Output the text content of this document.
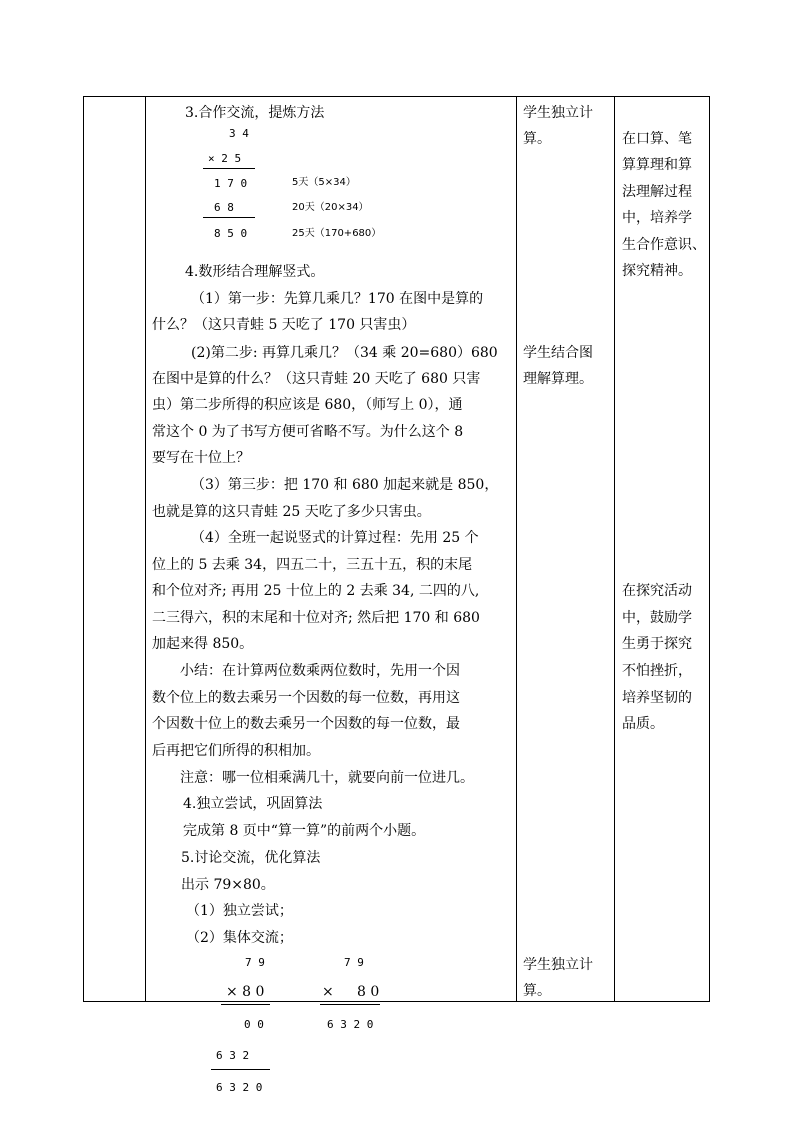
3.合作交流，提炼方法
3 4
× 2 5
1 7 0	5天（5×34）
6 8	20天（20×34）
8 5 0	25天（170+680）
4.数形结合理解竖式。
（1）第一步：先算几乘几？170 在图中是算的
什么？（这只青蛙 5 天吃了 170 只害虫）
(2)第二步: 再算几乘几？（34 乘 20=680）680
在图中是算的什么？（这只青蛙 20 天吃了 680 只害
虫）第二步所得的积应该是 680，（师写上 0），通
常这个 0 为了书写方便可省略不写。为什么这个 8
要写在十位上？
（3）第三步：把 170 和 680 加起来就是 850，
也就是算的这只青蛙 25 天吃了多少只害虫。
（4）全班一起说竖式的计算过程：先用 25 个
位上的 5 去乘 34，四五二十，三五十五，积的末尾
和个位对齐; 再用 25 十位上的 2 去乘 34, 二四的八,
二三得六，积的末尾和十位对齐; 然后把 170 和 680
加起来得 850。
小结：在计算两位数乘两位数时，先用一个因
数个位上的数去乘另一个因数的每一位数，再用这
个因数十位上的数去乘另一个因数的每一位数，最
后再把它们所得的积相加。
注意：哪一位相乘满几十，就要向前一位进几。
4.独立尝试，巩固算法
完成第 8 页中“算一算”的前两个小题。
5.讨论交流，优化算法
出示 79×80。
（1）独立尝试；
（2）集体交流；
7 9	7 9
× 8 0	× 8 0
0 0	6 3 2 0
6 3 2
6 3 2 0
学生独立计
算。
学生结合图
理解算理。
学生独立计
算。
在口算、笔
算算理和算
法理解过程
中，培养学
生合作意识、
探究精神。
在探究活动
中，鼓励学
生勇于探究
不怕挫折，
培养坚韧的
品质。
